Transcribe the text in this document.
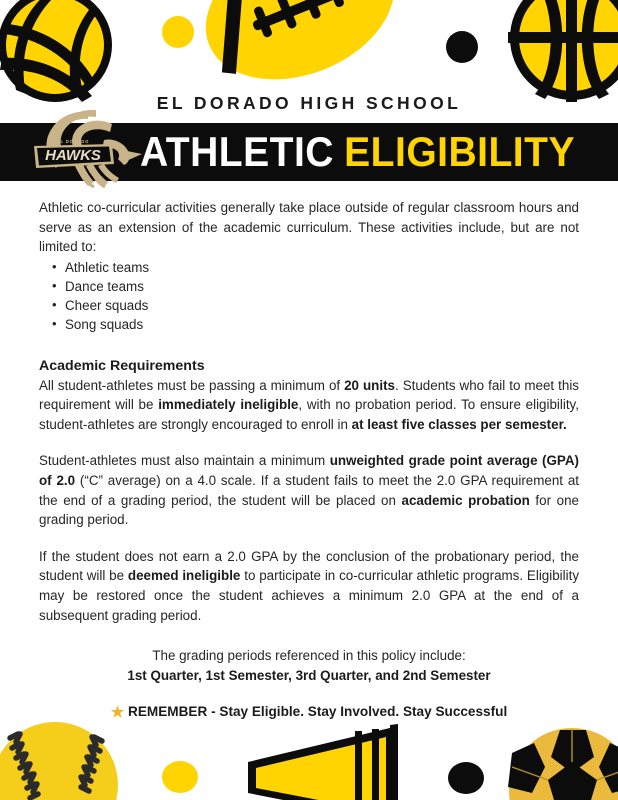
EL DORADO HIGH SCHOOL
ATHLETIC ELIGIBILITY
HAWKS
EL DORADO

Athletic co-curricular activities generally take place outside of regular classroom hours and serve as an extension of the academic curriculum. These activities include, but are not limited to:

• Athletic teams
• Dance teams
• Cheer squads
• Song squads
Academic Requirements

All student-athletes must be passing a minimum of 20 units. Students who fail to meet this requirement will be immediately ineligible, with no probation period. To ensure eligibility, student-athletes are strongly encouraged to enroll in at least five classes per semester.

Student-athletes must also maintain a minimum unweighted grade point average (GPA) of 2.0 (“C” average) on a 4.0 scale. If a student fails to meet the 2.0 GPA requirement at the end of a grading period, the student will be placed on academic probation for one grading period.

If the student does not earn a 2.0 GPA by the conclusion of the probationary period, the student will be deemed ineligible to participate in co-curricular athletic programs. Eligibility may be restored once the student achieves a minimum 2.0 GPA at the end of a subsequent grading period.

The grading periods referenced in this policy include:
1st Quarter, 1st Semester, 3rd Quarter, and 2nd Semester
★ REMEMBER - Stay Eligible. Stay Involved. Stay Successful
